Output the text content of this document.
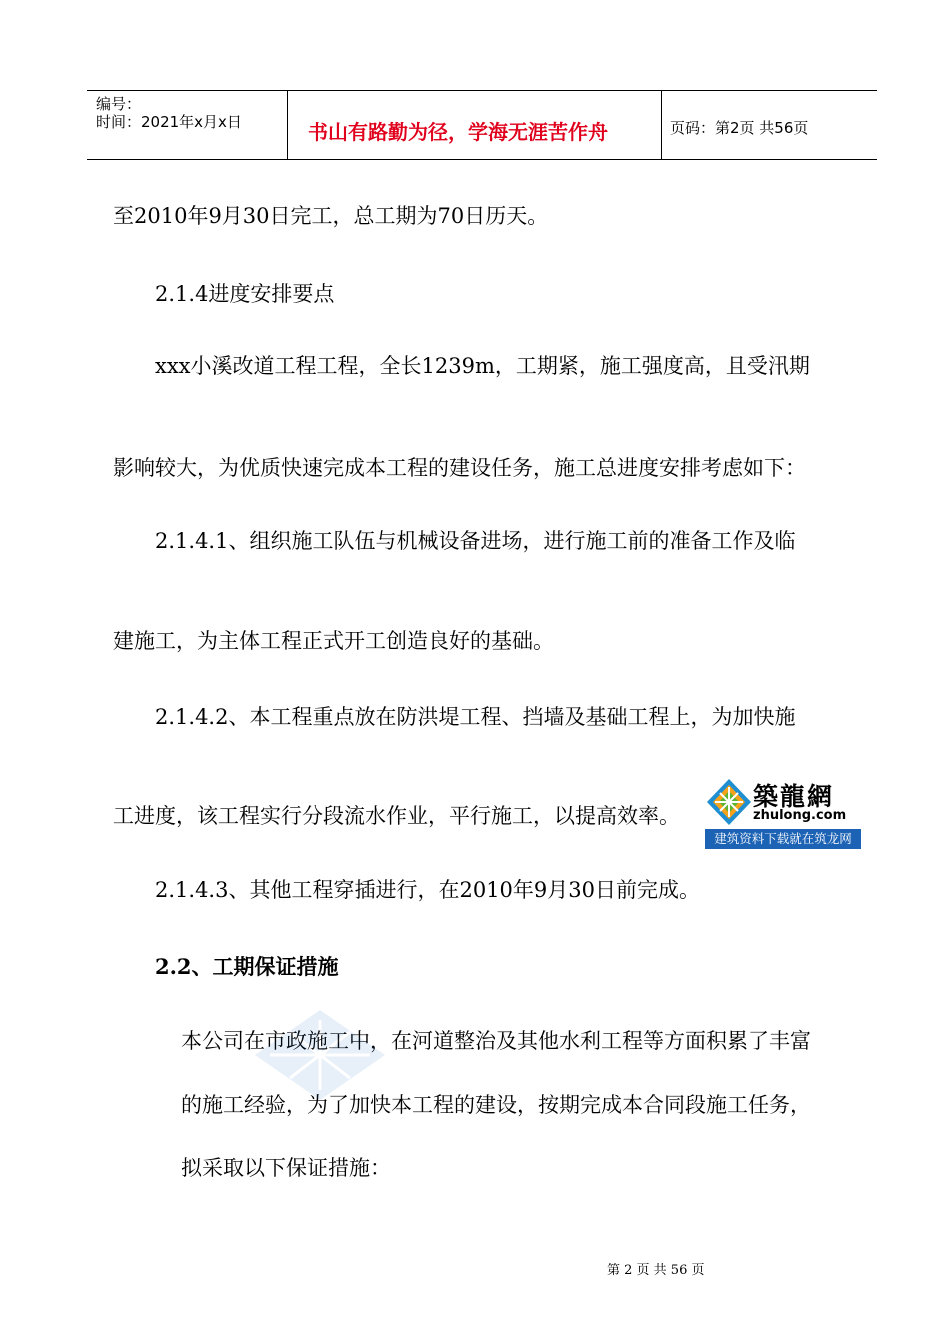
编号：
时间：2021年x月x日	书山有路勤为径，学海无涯苦作舟	页码：第2页 共56页
至2010年9月30日完工，总工期为70日历天。
2.1.4进度安排要点
xxx小溪改道工程工程，全长1239m，工期紧，施工强度高，且受汛期
影响较大，为优质快速完成本工程的建设任务，施工总进度安排考虑如下：
2.1.4.1、组织施工队伍与机械设备进场，进行施工前的准备工作及临
建施工，为主体工程正式开工创造良好的基础。
2.1.4.2、本工程重点放在防洪堤工程、挡墙及基础工程上，为加快施
工进度，该工程实行分段流水作业，平行施工，以提高效率。
2.1.4.3、其他工程穿插进行，在2010年9月30日前完成。
2.2、工期保证措施
本公司在市政施工中，在河道整治及其他水利工程等方面积累了丰富
的施工经验，为了加快本工程的建设，按期完成本合同段施工任务，
拟采取以下保证措施：
築龍網
zhulong.com
建筑资料下载就在筑龙网
第 2 页 共 56 页
